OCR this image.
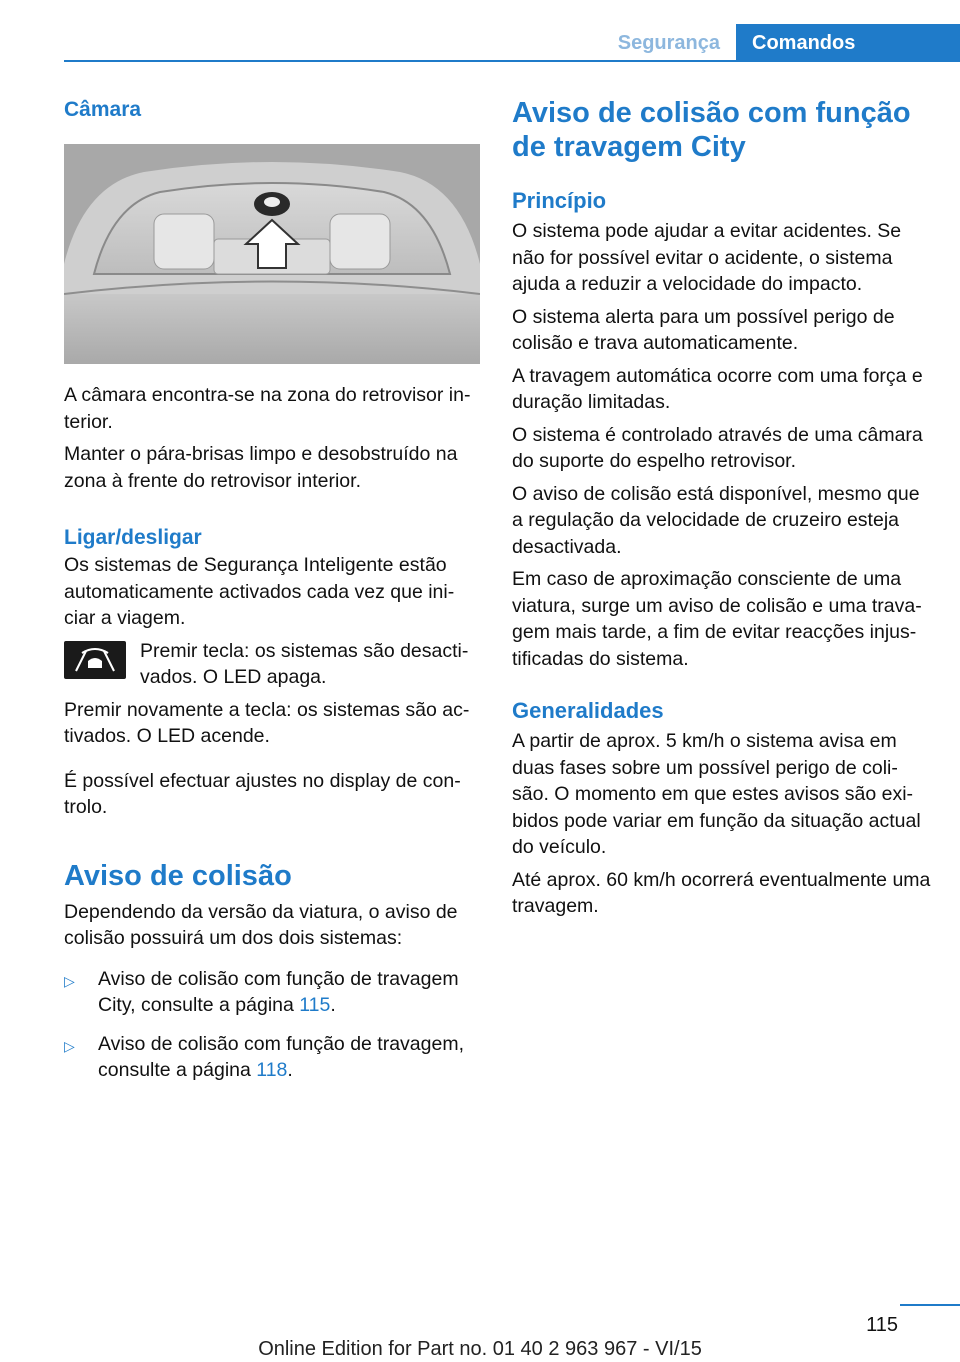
Segurança	Comandos
Câmara

A câmara encontra-se na zona do retrovisor in- terior.

Manter o pára-brisas limpo e desobstruído na zona à frente do retrovisor interior.

Ligar/desligar

Os sistemas de Segurança Inteligente estão automaticamente activados cada vez que ini- ciar a viagem.

Premir tecla: os sistemas são desacti- vados. O LED apaga.

Premir novamente a tecla: os sistemas são ac- tivados. O LED acende.

É possível efectuar ajustes no display de con- trolo.

Aviso de colisão

Dependendo da versão da viatura, o aviso de colisão possuirá um dos dois sistemas:

▷	Aviso de colisão com função de travagem City, consulte a página 115.
▷	Aviso de colisão com função de travagem, consulte a página 118.
Aviso de colisão com função de travagem City
Princípio

O sistema pode ajudar a evitar acidentes. Se não for possível evitar o acidente, o sistema ajuda a reduzir a velocidade do impacto.

O sistema alerta para um possível perigo de colisão e trava automaticamente.

A travagem automática ocorre com uma força e duração limitadas.

O sistema é controlado através de uma câmara do suporte do espelho retrovisor.

O aviso de colisão está disponível, mesmo que a regulação da velocidade de cruzeiro esteja desactivada.

Em caso de aproximação consciente de uma viatura, surge um aviso de colisão e uma trava- gem mais tarde, a fim de evitar reacções injus- tificadas do sistema.

Generalidades

A partir de aprox. 5 km/h o sistema avisa em duas fases sobre um possível perigo de coli- são. O momento em que estes avisos são exi- bidos pode variar em função da situação actual do veículo.

Até aprox. 60 km/h ocorrerá eventualmente uma travagem.

115
Online Edition for Part no. 01 40 2 963 967 - VI/15
